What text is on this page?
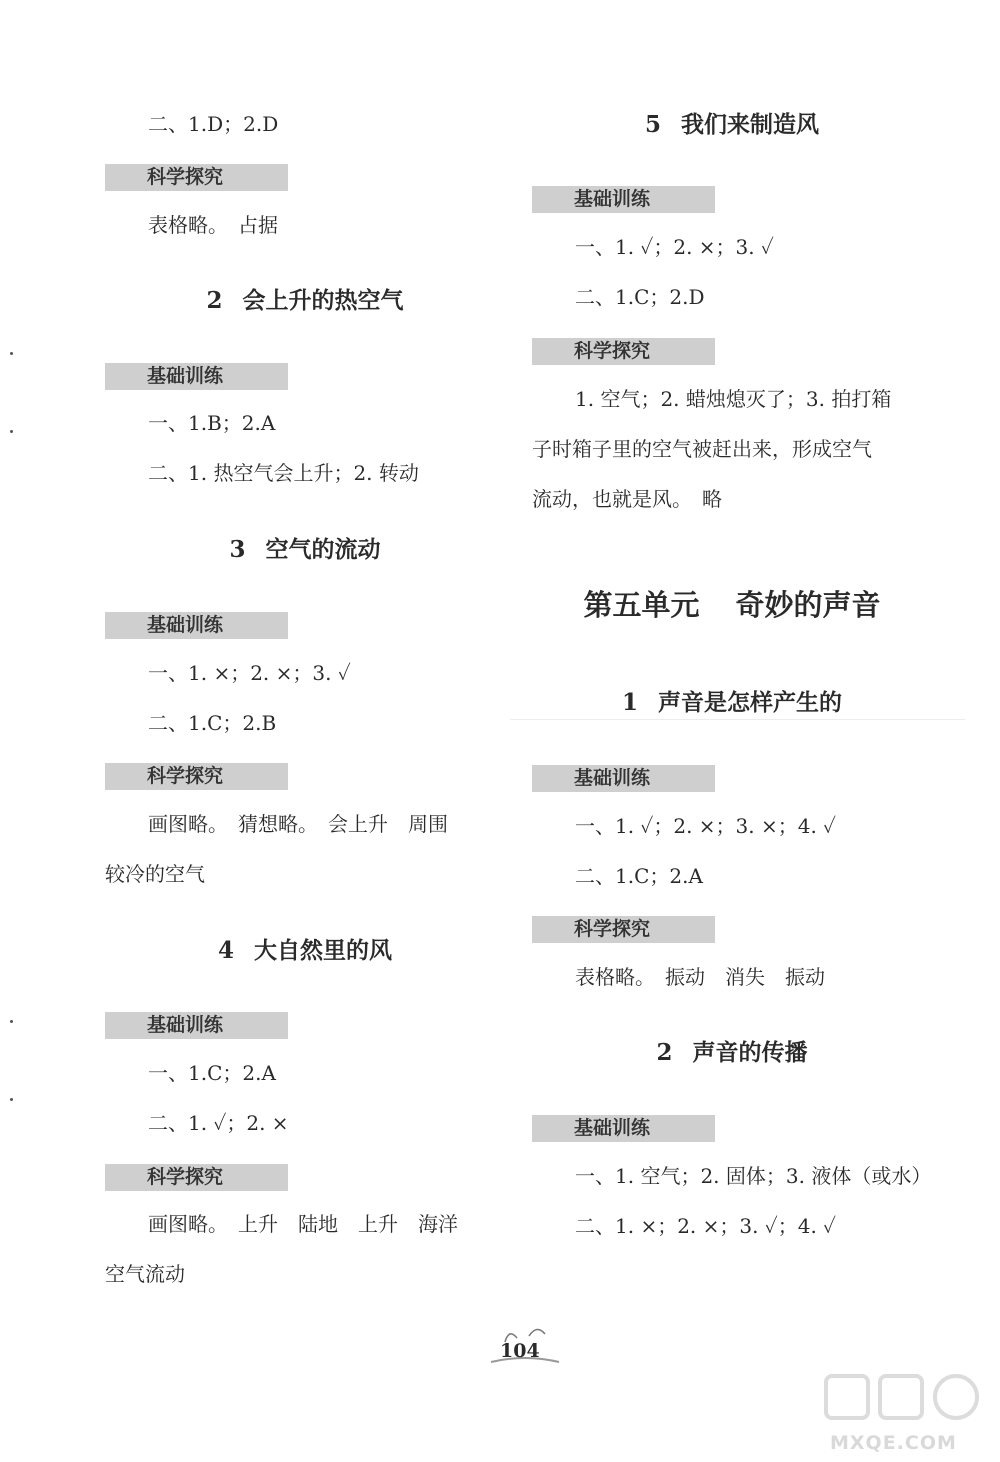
二、1.D；2.D
科学探究
表格略。　占据
2 会上升的热空气
基础训练
一、1.B；2.A
二、1. 热空气会上升；2. 转动
3 空气的流动
基础训练
一、1. ×；2. ×；3. ✓
二、1.C；2.B
科学探究
画图略。　猜想略。　会上升　周围
较冷的空气
4 大自然里的风
基础训练
一、1.C；2.A
二、1. ✓；2. ×
科学探究
画图略。　上升　陆地　上升　海洋
空气流动
5 我们来制造风
基础训练
一、1. ✓；2. ×；3. ✓
二、1.C；2.D
科学探究
1. 空气；2. 蜡烛熄灭了；3. 拍打箱
子时箱子里的空气被赶出来，形成空气
流动，也就是风。　略
第五单元 奇妙的声音
1 声音是怎样产生的
基础训练
一、1. ✓；2. ×；3. ×；4. ✓
二、1.C；2.A
科学探究
表格略。　振动　消失　振动
2 声音的传播
基础训练
一、1. 空气；2. 固体；3. 液体（或水）
二、1. ×；2. ×；3. ✓；4. ✓
104
MXQE.COM
